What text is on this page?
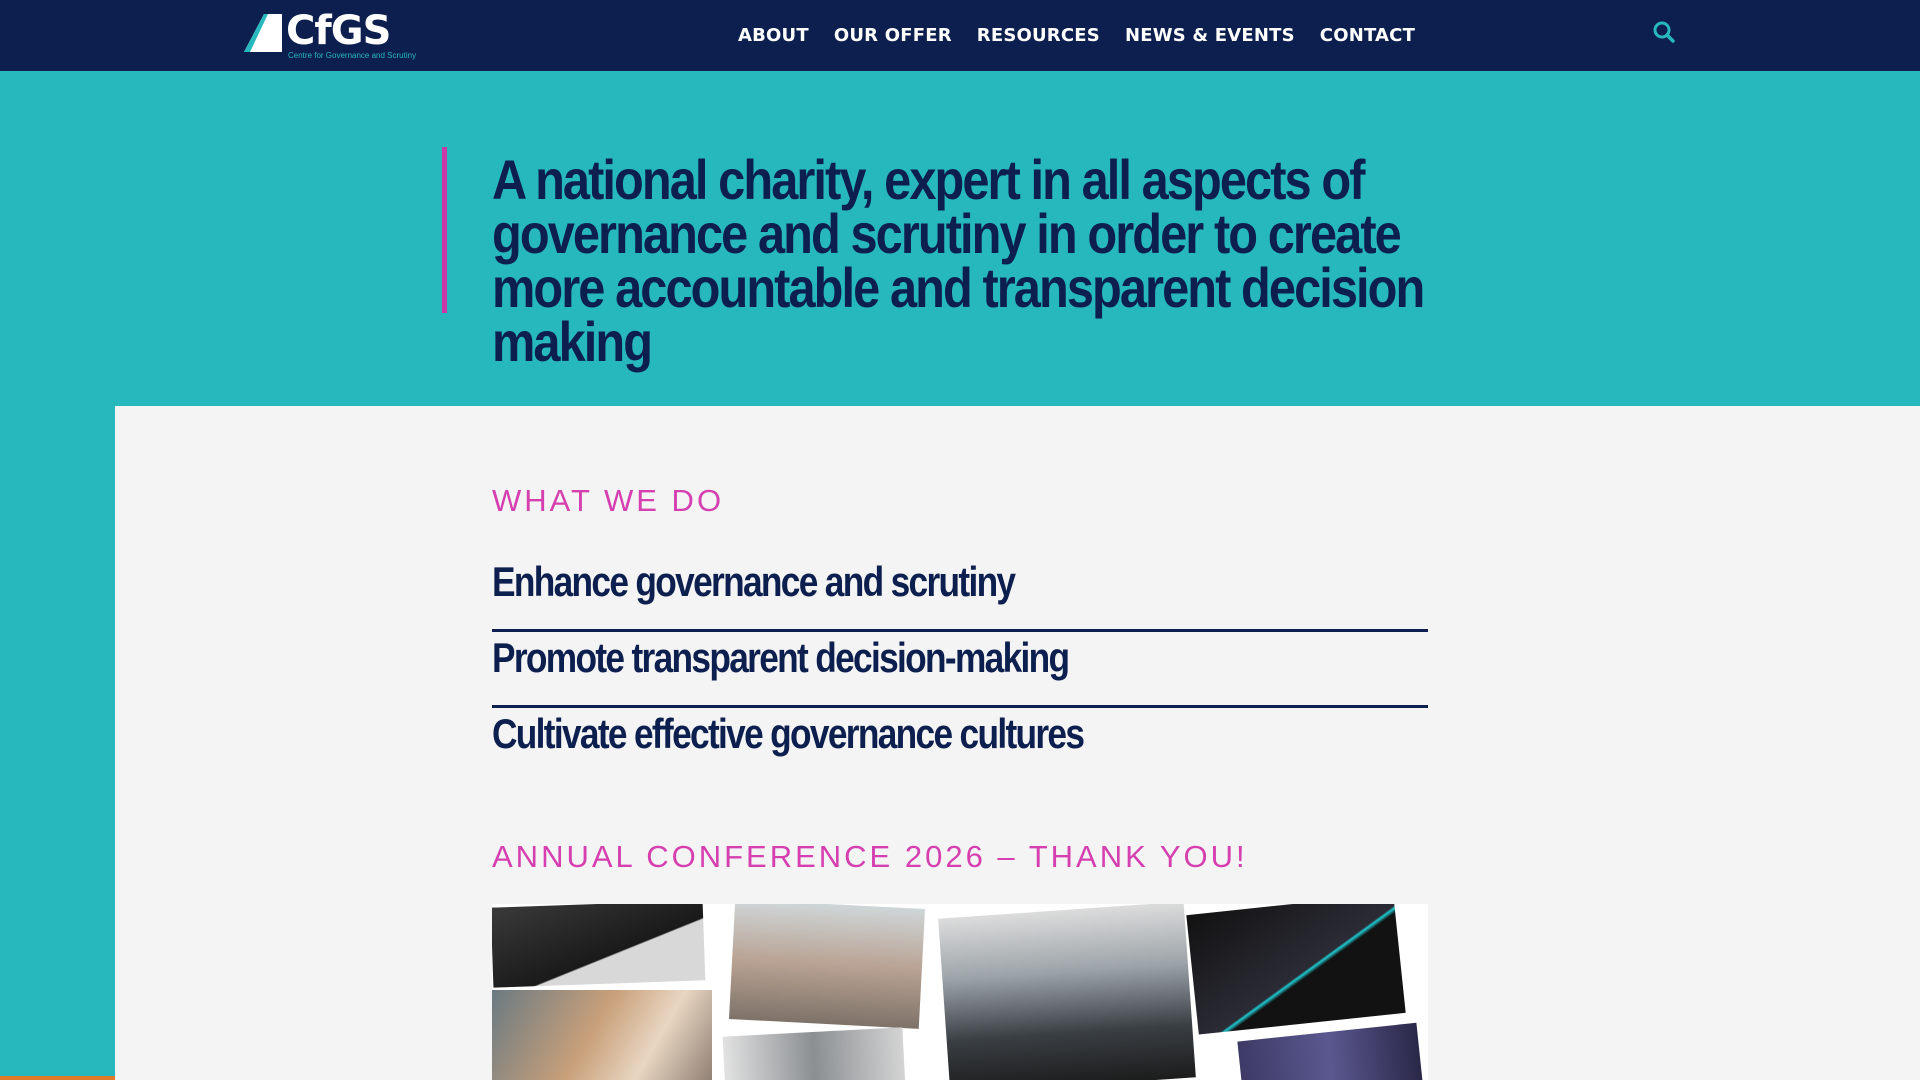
CfGS
Centre for Governance and Scrutiny
ABOUT OUR OFFER RESOURCES NEWS & EVENTS CONTACT
A national charity, expert in all aspects of governance and scrutiny in order to create more accountable and transparent decision making
WHAT WE DO
Enhance governance and scrutiny
Promote transparent decision-making
Cultivate effective governance cultures
ANNUAL CONFERENCE 2026 – THANK YOU!
